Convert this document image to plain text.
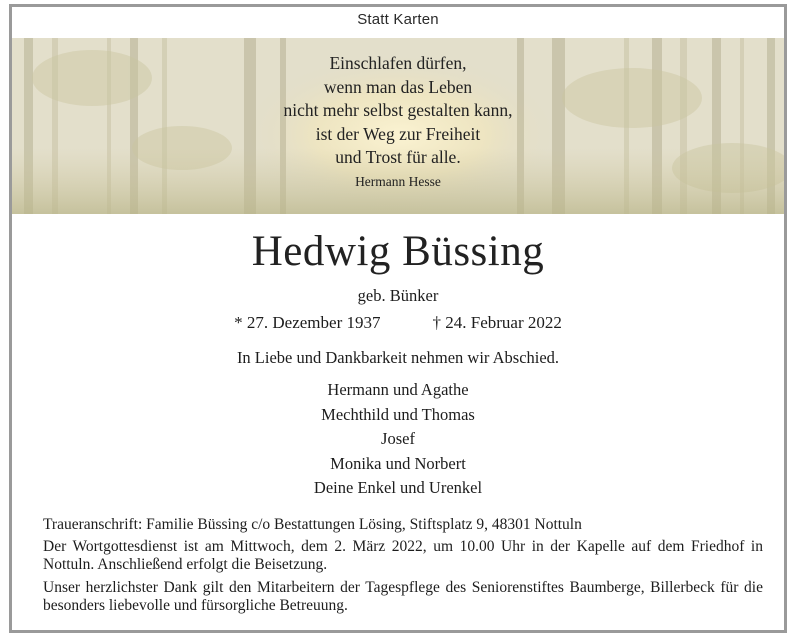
Statt Karten
Einschlafen dürfen,
wenn man das Leben
nicht mehr selbst gestalten kann,
ist der Weg zur Freiheit
und Trost für alle.
Hermann Hesse
Hedwig Büssing
geb. Bünker
* 27. Dezember 1937	† 24. Februar 2022
In Liebe und Dankbarkeit nehmen wir Abschied.
Hermann und Agathe
Mechthild und Thomas
Josef
Monika und Norbert
Deine Enkel und Urenkel

Traueranschrift: Familie Büssing c/o Bestattungen Lösing, Stiftsplatz 9, 48301 Nottuln

Der Wortgottesdienst ist am Mittwoch, dem 2. März 2022, um 10.00 Uhr in der Kapelle auf dem Friedhof in Nottuln. Anschließend erfolgt die Beisetzung.

Unser herzlichster Dank gilt den Mitarbeitern der Tagespflege des Seniorenstiftes Baumberge, Billerbeck für die besonders liebevolle und fürsorgliche Betreuung.
